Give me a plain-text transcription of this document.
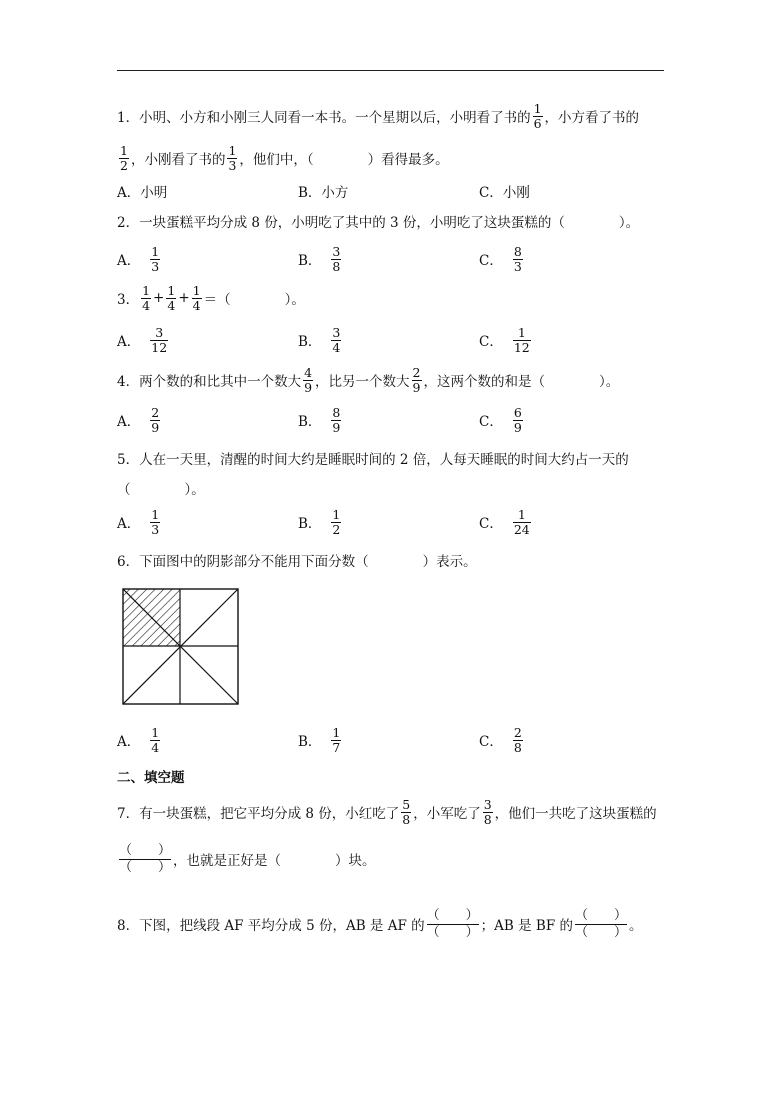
1．小明、小方和小刚三人同看一本书。一个星期以后，小明看了书的 $\frac{1}{6}$ ，小方看了书的
$\frac{1}{2}$ ，小刚看了书的 $\frac{1}{3}$ ，他们中，（　　　　）看得最多。
A．小明	B．小方	C．小刚
2．一块蛋糕平均分成 8 份，小明吃了其中的 3 份，小明吃了这块蛋糕的（　　　　）。
A． $\frac{1}{3}$	B． $\frac{3}{8}$	C． $\frac{8}{3}$
3． $\frac{1}{4} + \frac{1}{4} + \frac{1}{4}$ ＝（　　　　）。
A． $\frac{3}{12}$	B． $\frac{3}{4}$	C． $\frac{1}{12}$
4．两个数的和比其中一个数大 $\frac{4}{9}$ ，比另一个数大 $\frac{2}{9}$ ，这两个数的和是（　　　　）。
A． $\frac{2}{9}$	B． $\frac{8}{9}$	C． $\frac{6}{9}$
5．人在一天里，清醒的时间大约是睡眠时间的 2 倍，人每天睡眠的时间大约占一天的
（　　　　）。
A． $\frac{1}{3}$	B． $\frac{1}{2}$	C． $\frac{1}{24}$
6．下面图中的阴影部分不能用下面分数（　　　　）表示。
A． $\frac{1}{4}$	B． $\frac{1}{7}$	C． $\frac{2}{8}$
二、填空题
7．有一块蛋糕，把它平均分成 8 份，小红吃了 $\frac{5}{8}$ ，小军吃了 $\frac{3}{8}$ ，他们一共吃了这块蛋糕的
（　　）
（　　） ，也就是正好是（　　　　）块。
8．下图，把线段 AF 平均分成 5 份，AB 是 AF 的
（　　）
（　　） ；AB 是 BF 的
（　　）
（　　） 。
